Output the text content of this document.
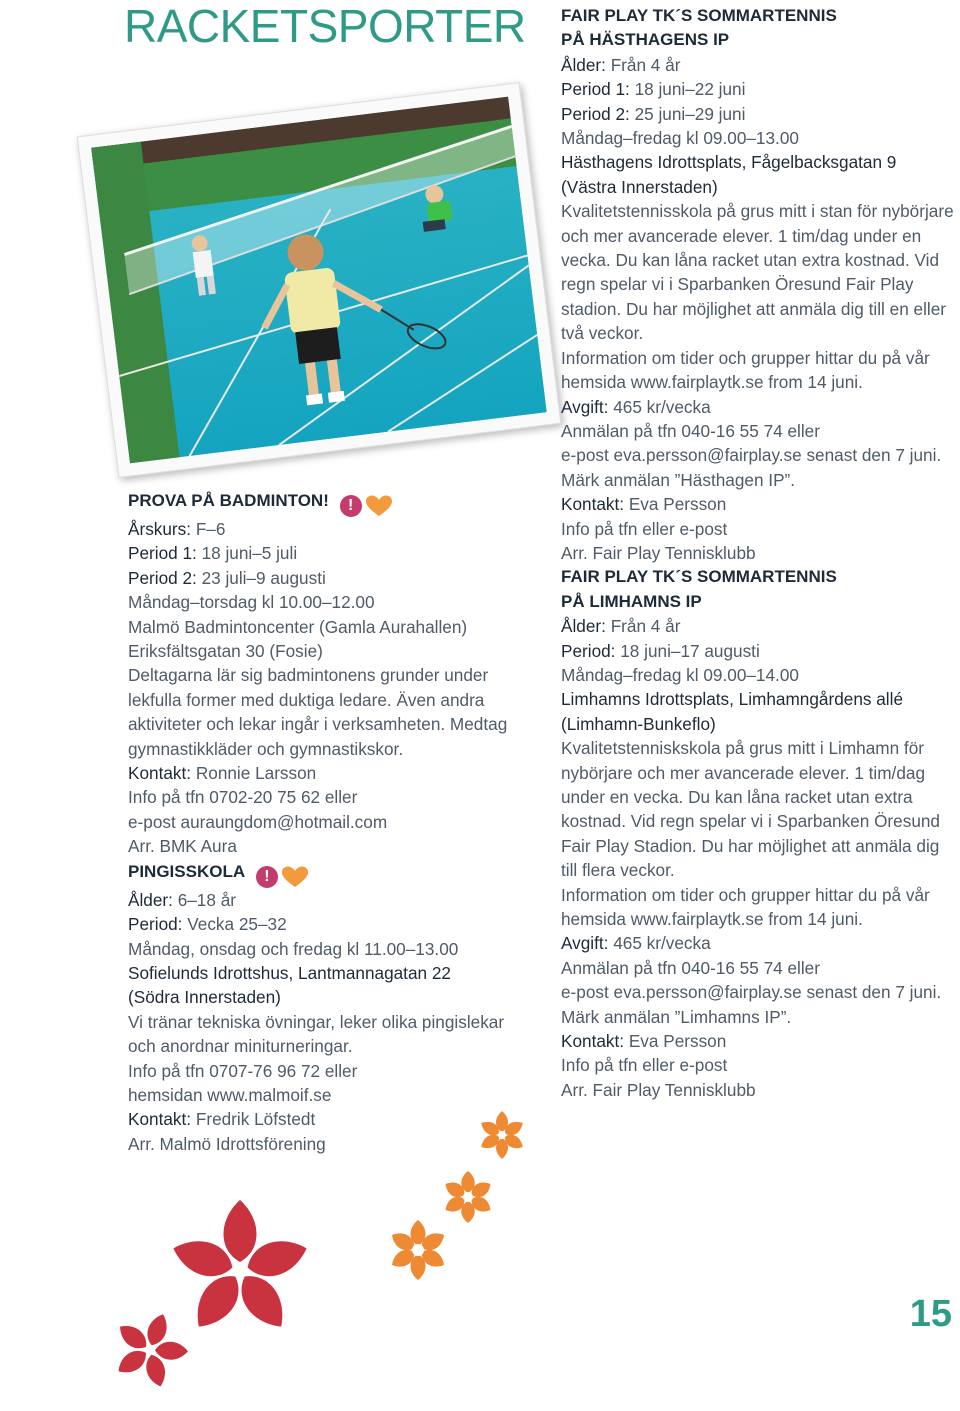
RACKETSPORTER
PROVA PÅ BADMINTON!	!
Årskurs: F–6
Period 1: 18 juni–5 juli
Period 2: 23 juli–9 augusti
Måndag–torsdag kl 10.00–12.00
Malmö Badmintoncenter (Gamla Aurahallen)
Eriksfältsgatan 30 (Fosie)
Deltagarna lär sig badmintonens grunder under lekfulla former med duktiga ledare. Även andra aktiviteter och lekar ingår i verksamheten. Medtag gymnastikkläder och gymnastikskor.
Kontakt: Ronnie Larsson
Info på tfn 0702-20 75 62 eller
e-post auraungdom@hotmail.com
Arr. BMK Aura
PINGISSKOLA	!
Ålder: 6–18 år
Period: Vecka 25–32
Måndag, onsdag och fredag kl 11.00–13.00
Sofielunds Idrottshus, Lantmannagatan 22
(Södra Innerstaden)
Vi tränar tekniska övningar, leker olika pingislekar och anordnar miniturneringar.
Info på tfn 0707-76 96 72 eller
hemsidan www.malmoif.se
Kontakt: Fredrik Löfstedt
Arr. Malmö Idrottsförening
FAIR PLAY TK´S SOMMARTENNIS
PÅ HÄSTHAGENS IP
Ålder: Från 4 år
Period 1: 18 juni–22 juni
Period 2: 25 juni–29 juni
Måndag–fredag kl 09.00–13.00
Hästhagens Idrottsplats, Fågelbacksgatan 9
(Västra Innerstaden)
Kvalitetstennisskola på grus mitt i stan för nybörjare och mer avancerade elever. 1 tim/dag under en vecka. Du kan låna racket utan extra kostnad. Vid regn spelar vi i Sparbanken Öresund Fair Play stadion. Du har möjlighet att anmäla dig till en eller två veckor.
Information om tider och grupper hittar du på vår hemsida www.fairplaytk.se from 14 juni.
Avgift: 465 kr/vecka
Anmälan på tfn 040-16 55 74 eller
e-post eva.persson@fairplay.se senast den 7 juni.
Märk anmälan ”Hästhagen IP”.
Kontakt: Eva Persson
Info på tfn eller e-post
Arr. Fair Play Tennisklubb
FAIR PLAY TK´S SOMMARTENNIS
PÅ LIMHAMNS IP
Ålder: Från 4 år
Period: 18 juni–17 augusti
Måndag–fredag kl 09.00–14.00
Limhamns Idrottsplats, Limhamngårdens allé
(Limhamn-Bunkeflo)
Kvalitetstenniskskola på grus mitt i Limhamn för nybörjare och mer avancerade elever. 1 tim/dag under en vecka. Du kan låna racket utan extra kostnad. Vid regn spelar vi i Sparbanken Öresund Fair Play Stadion. Du har möjlighet att anmäla dig till flera veckor.
Information om tider och grupper hittar du på vår hemsida www.fairplaytk.se from 14 juni.
Avgift: 465 kr/vecka
Anmälan på tfn 040-16 55 74 eller
e-post eva.persson@fairplay.se senast den 7 juni.
Märk anmälan ”Limhamns IP”.
Kontakt: Eva Persson
Info på tfn eller e-post
Arr. Fair Play Tennisklubb
15
